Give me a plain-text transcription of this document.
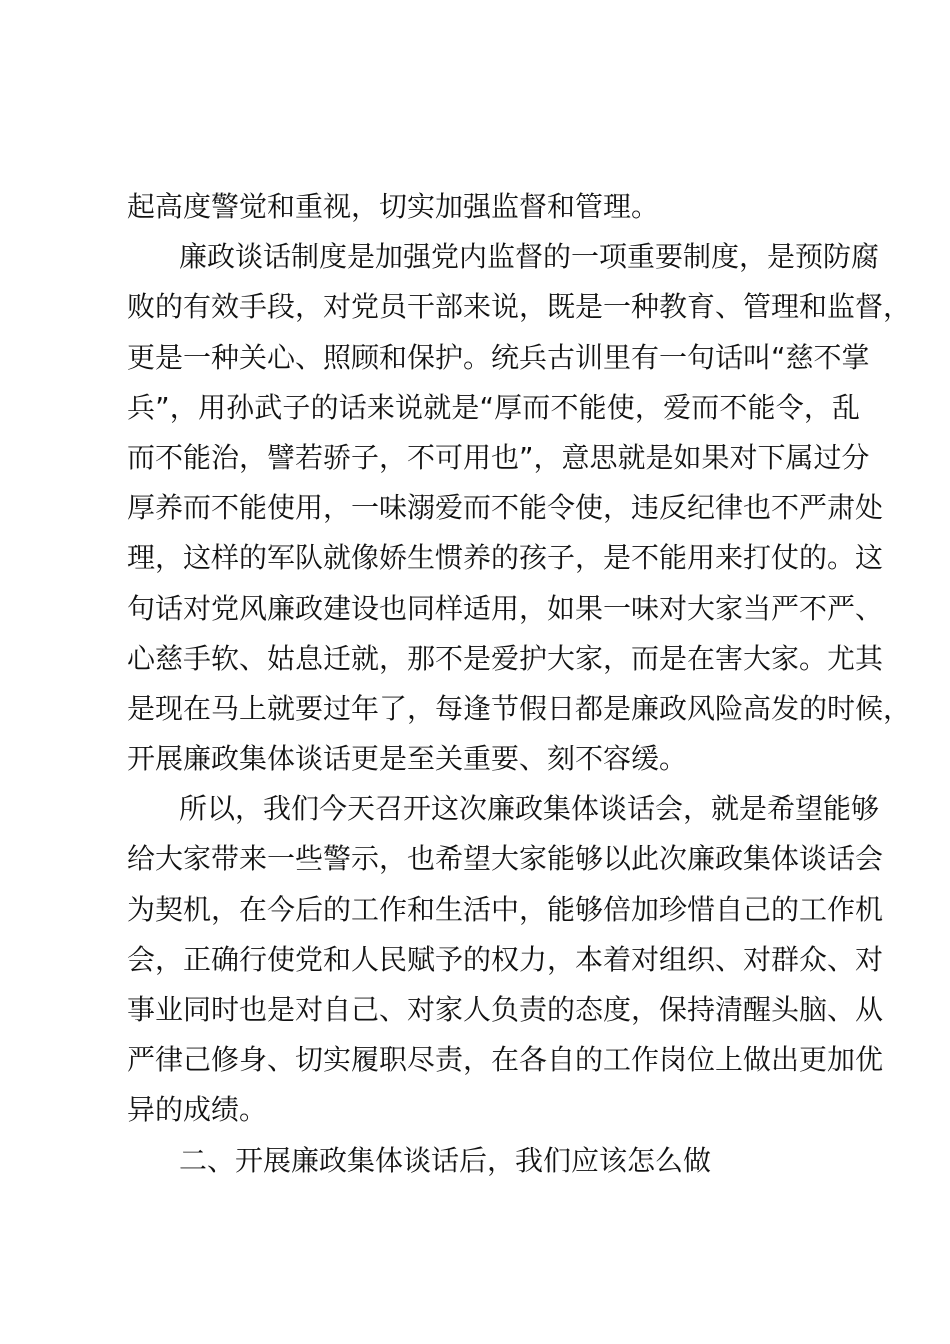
起高度警觉和重视，切实加强监督和管理。
廉政谈话制度是加强党内监督的一项重要制度，是预防腐
败的有效手段，对党员干部来说，既是一种教育、管理和监督，
更是一种关心、照顾和保护。统兵古训里有一句话叫“慈不掌
兵”，用孙武子的话来说就是“厚而不能使，爱而不能令，乱
而不能治，譬若骄子，不可用也”，意思就是如果对下属过分
厚养而不能使用，一味溺爱而不能令使，违反纪律也不严肃处
理，这样的军队就像娇生惯养的孩子，是不能用来打仗的。这
句话对党风廉政建设也同样适用，如果一味对大家当严不严、
心慈手软、姑息迁就，那不是爱护大家，而是在害大家。尤其
是现在马上就要过年了，每逢节假日都是廉政风险高发的时候，
开展廉政集体谈话更是至关重要、刻不容缓。
所以，我们今天召开这次廉政集体谈话会，就是希望能够
给大家带来一些警示，也希望大家能够以此次廉政集体谈话会
为契机，在今后的工作和生活中，能够倍加珍惜自己的工作机
会，正确行使党和人民赋予的权力，本着对组织、对群众、对
事业同时也是对自己、对家人负责的态度，保持清醒头脑、从
严律己修身、切实履职尽责，在各自的工作岗位上做出更加优
异的成绩。
二、开展廉政集体谈话后，我们应该怎么做
